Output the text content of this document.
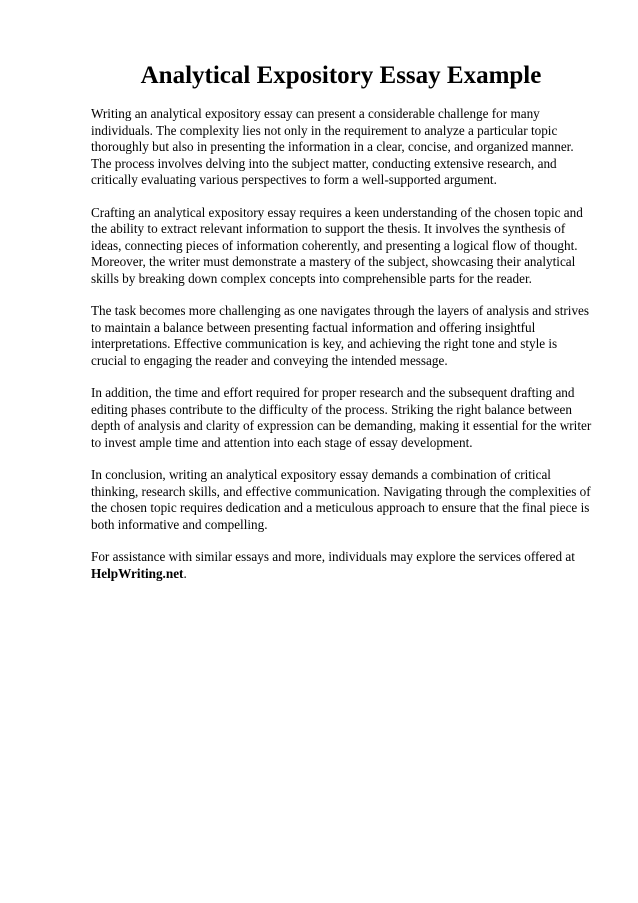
Analytical Expository Essay Example

Writing an analytical expository essay can present a considerable challenge for many individuals. The complexity lies not only in the requirement to analyze a particular topic thoroughly but also in presenting the information in a clear, concise, and organized manner. The process involves delving into the subject matter, conducting extensive research, and critically evaluating various perspectives to form a well-supported argument.

Crafting an analytical expository essay requires a keen understanding of the chosen topic and the ability to extract relevant information to support the thesis. It involves the synthesis of ideas, connecting pieces of information coherently, and presenting a logical flow of thought. Moreover, the writer must demonstrate a mastery of the subject, showcasing their analytical skills by breaking down complex concepts into comprehensible parts for the reader.

The task becomes more challenging as one navigates through the layers of analysis and strives to maintain a balance between presenting factual information and offering insightful interpretations. Effective communication is key, and achieving the right tone and style is crucial to engaging the reader and conveying the intended message.

In addition, the time and effort required for proper research and the subsequent drafting and editing phases contribute to the difficulty of the process. Striking the right balance between depth of analysis and clarity of expression can be demanding, making it essential for the writer to invest ample time and attention into each stage of essay development.

In conclusion, writing an analytical expository essay demands a combination of critical thinking, research skills, and effective communication. Navigating through the complexities of the chosen topic requires dedication and a meticulous approach to ensure that the final piece is both informative and compelling.

For assistance with similar essays and more, individuals may explore the services offered at HelpWriting.net.
